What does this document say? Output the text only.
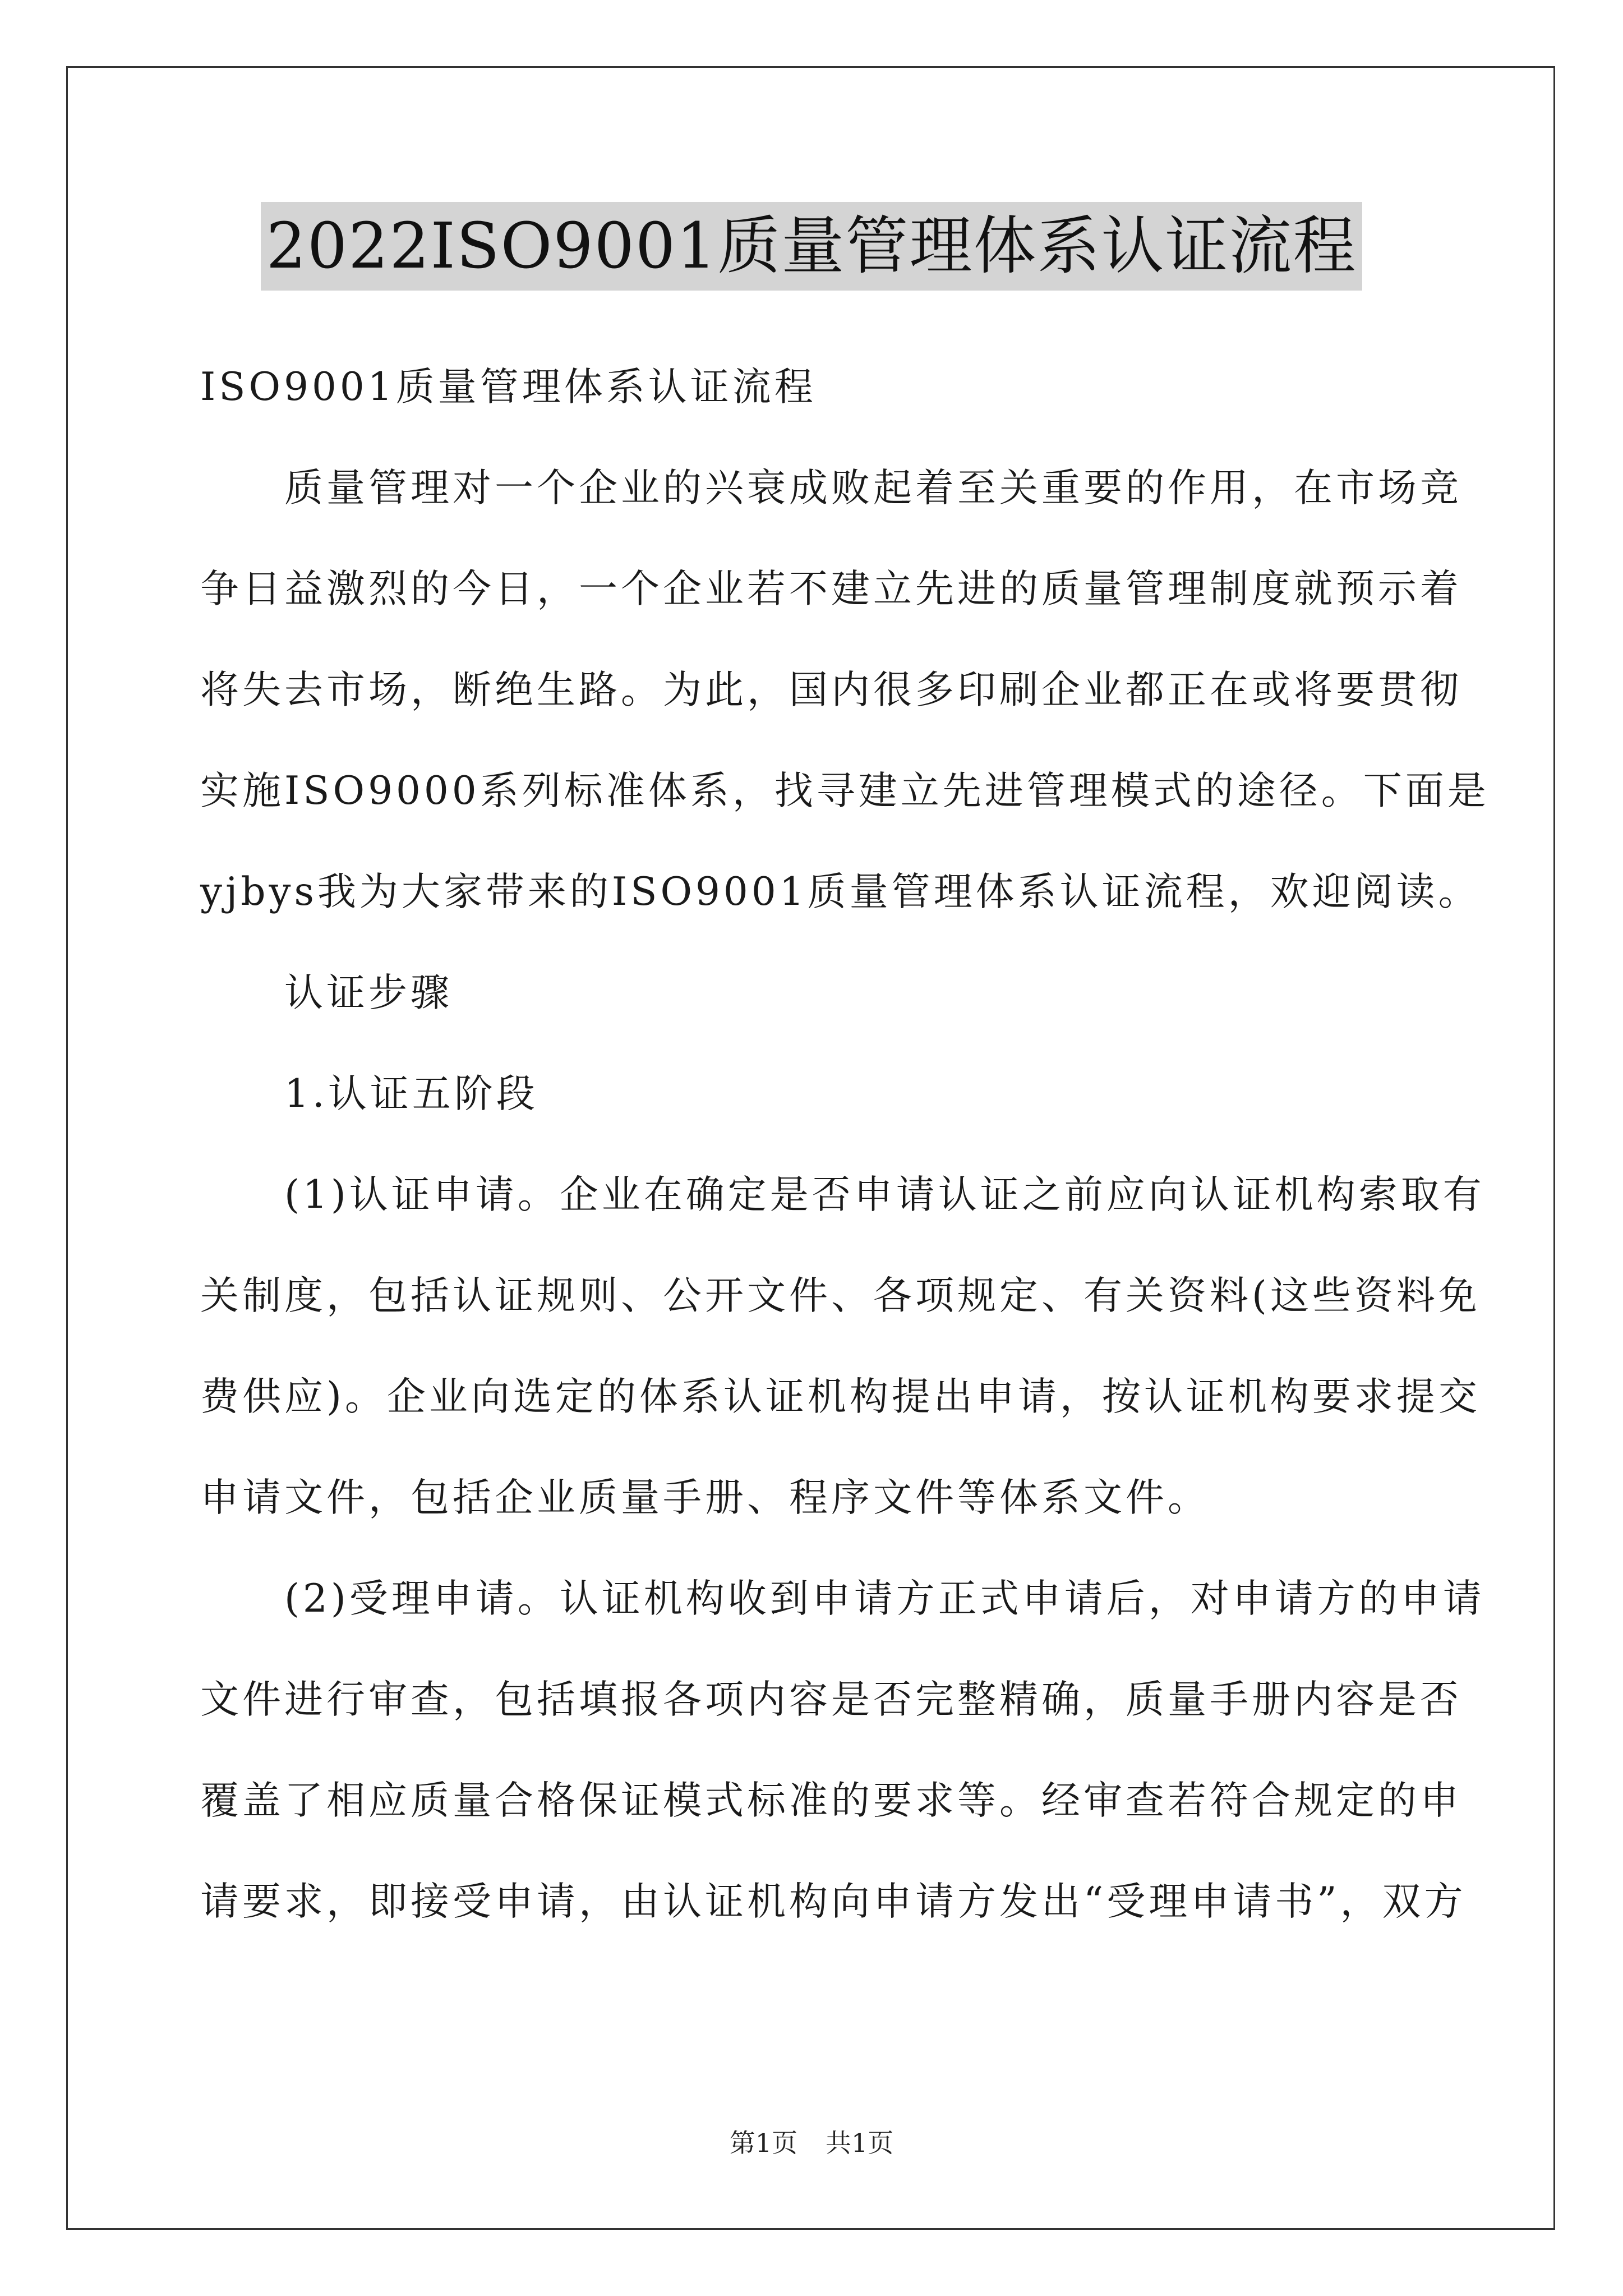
2022ISO9001质量管理体系认证流程
ISO9001质量管理体系认证流程
质量管理对一个企业的兴衰成败起着至关重要的作用，在市场竞
争日益激烈的今日，一个企业若不建立先进的质量管理制度就预示着
将失去市场，断绝生路。为此，国内很多印刷企业都正在或将要贯彻
实施ISO9000系列标准体系，找寻建立先进管理模式的途径。下面是
yjbys我为大家带来的ISO9001质量管理体系认证流程，欢迎阅读。
认证步骤
1.认证五阶段
(1)认证申请。企业在确定是否申请认证之前应向认证机构索取有
关制度，包括认证规则、公开文件、各项规定、有关资料(这些资料免
费供应)。企业向选定的体系认证机构提出申请，按认证机构要求提交
申请文件，包括企业质量手册、程序文件等体系文件。
(2)受理申请。认证机构收到申请方正式申请后，对申请方的申请
文件进行审查，包括填报各项内容是否完整精确，质量手册内容是否
覆盖了相应质量合格保证模式标准的要求等。经审查若符合规定的申
请要求，即接受申请，由认证机构向申请方发出“受理申请书”，双方
第1页 共1页
